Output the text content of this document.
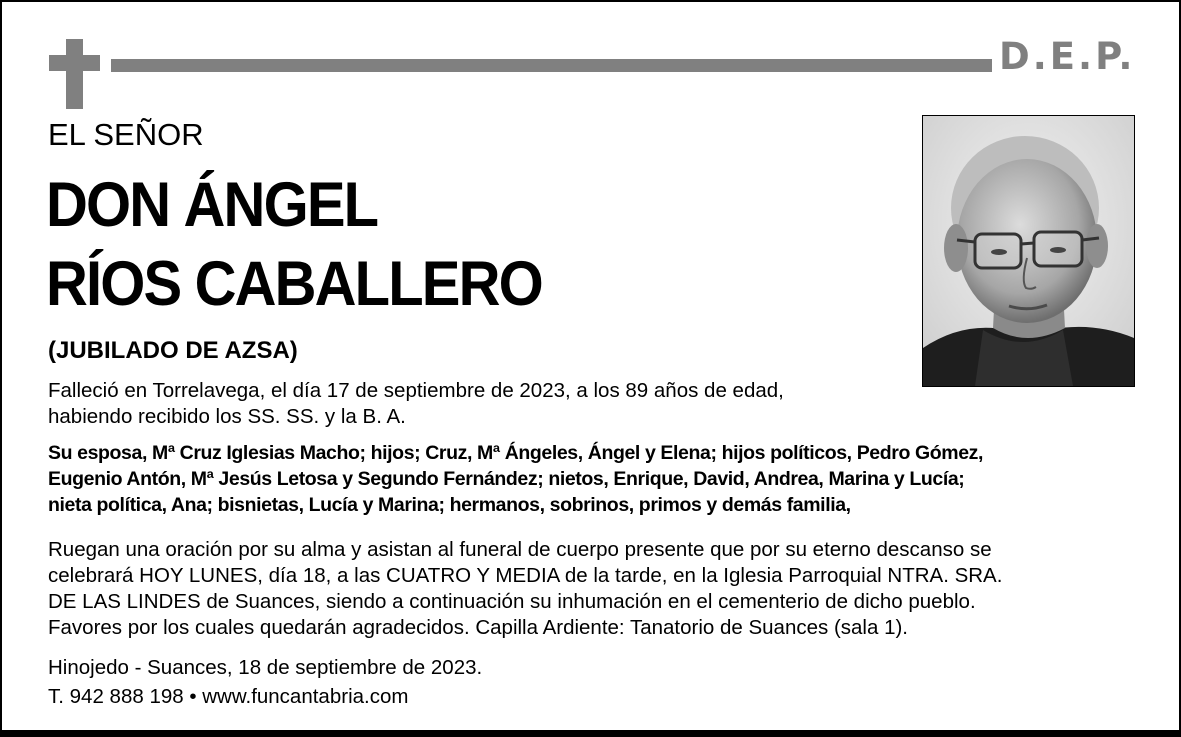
D.E.P.
EL SEÑOR
DON ÁNGEL
RÍOS CABALLERO
(JUBILADO DE AZSA)
Falleció en Torrelavega, el día 17 de septiembre de 2023, a los 89 años de edad,
habiendo recibido los SS. SS. y la B. A.
Su esposa, Mª Cruz Iglesias Macho; hijos; Cruz, Mª Ángeles, Ángel y Elena; hijos políticos, Pedro Gómez,
Eugenio Antón, Mª Jesús Letosa y Segundo Fernández; nietos, Enrique, David, Andrea, Marina y Lucía;
nieta política, Ana; bisnietas, Lucía y Marina; hermanos, sobrinos, primos y demás familia,
Ruegan una oración por su alma y asistan al funeral de cuerpo presente que por su eterno descanso se
celebrará HOY LUNES, día 18, a las CUATRO Y MEDIA de la tarde, en la Iglesia Parroquial NTRA. SRA.
DE LAS LINDES de Suances, siendo a continuación su inhumación en el cementerio de dicho pueblo.
Favores por los cuales quedarán agradecidos. Capilla Ardiente: Tanatorio de Suances (sala 1).
Hinojedo - Suances, 18 de septiembre de 2023.
T. 942 888 198 • www.funcantabria.com
